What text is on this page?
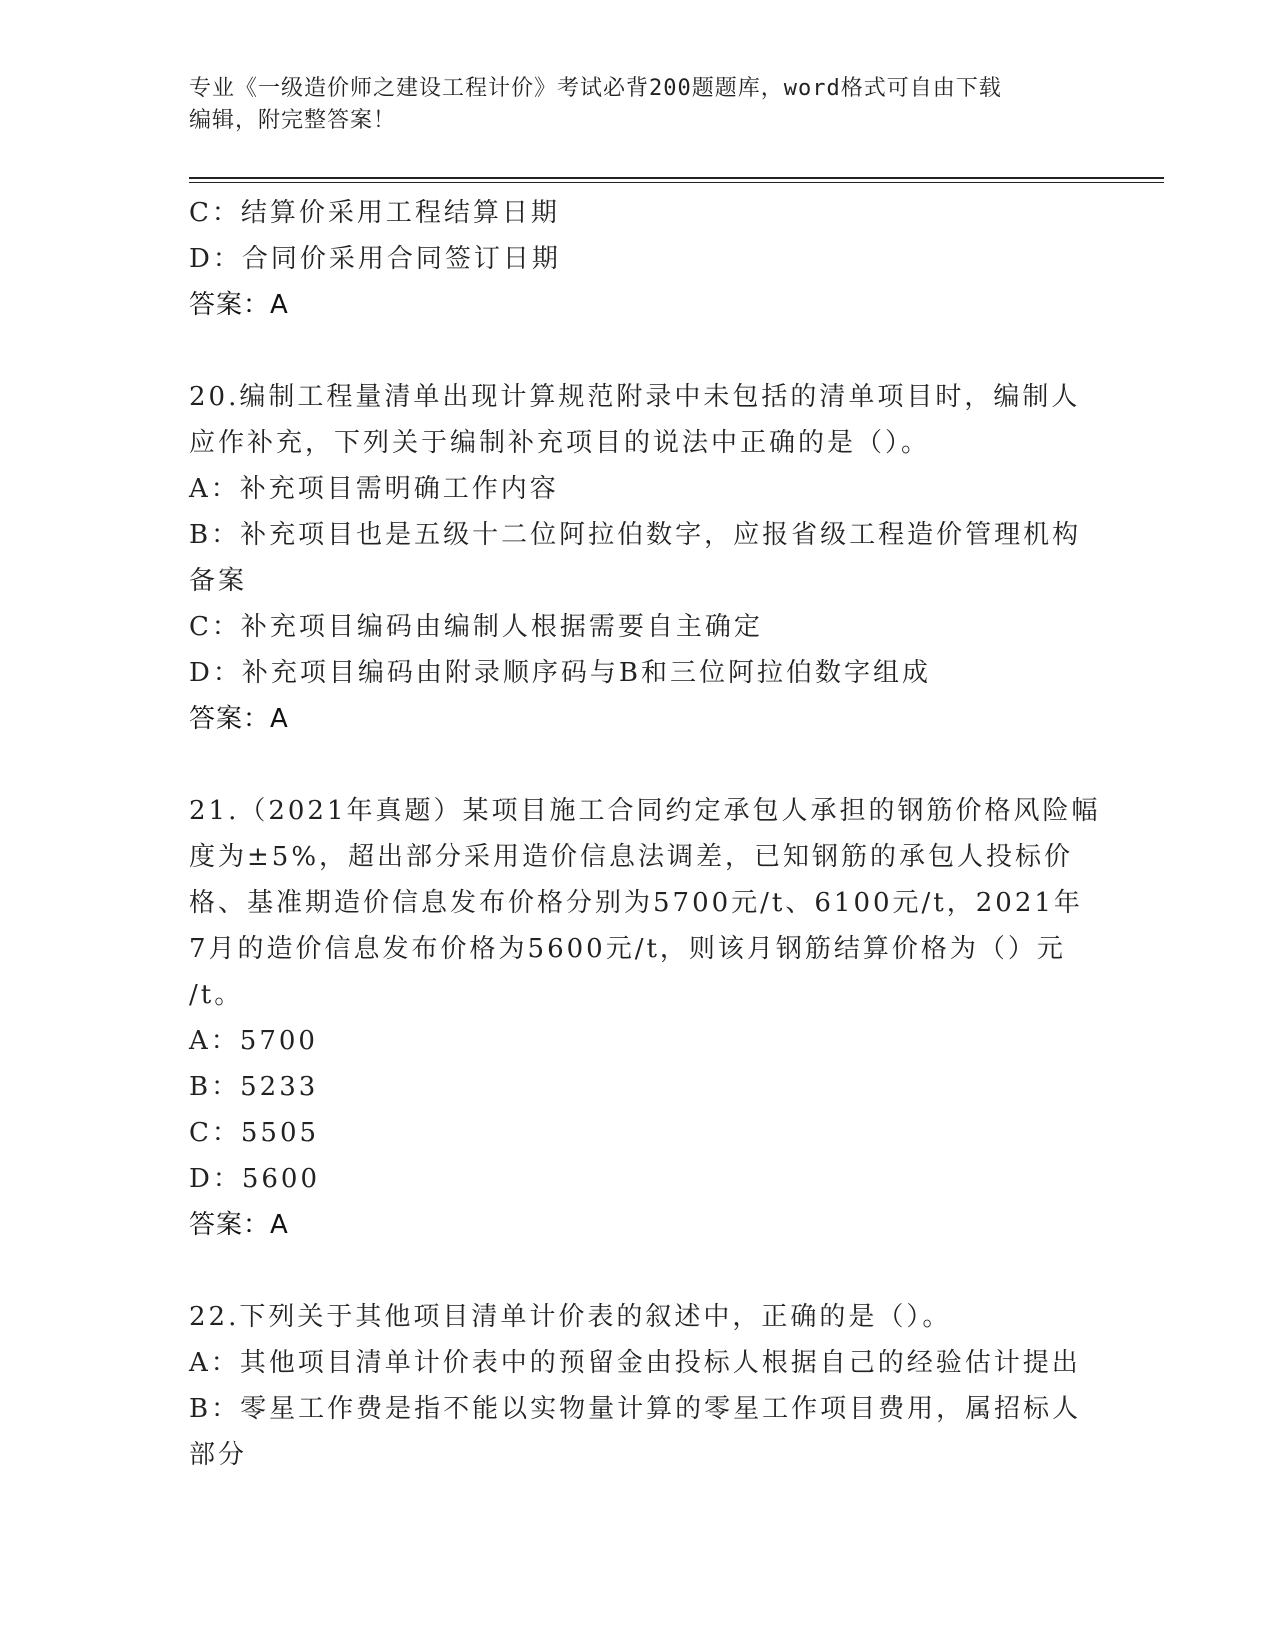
专业《一级造价师之建设工程计价》考试必背200题题库，word格式可自由下载
编辑，附完整答案！
C：结算价采用工程结算日期
D：合同价采用合同签订日期
答案：A
20.编制工程量清单出现计算规范附录中未包括的清单项目时，编制人
应作补充，下列关于编制补充项目的说法中正确的是（）。
A：补充项目需明确工作内容
B：补充项目也是五级十二位阿拉伯数字，应报省级工程造价管理机构
备案
C：补充项目编码由编制人根据需要自主确定
D：补充项目编码由附录顺序码与B和三位阿拉伯数字组成
答案：A
21.（2021年真题）某项目施工合同约定承包人承担的钢筋价格风险幅
度为±5%，超出部分采用造价信息法调差，已知钢筋的承包人投标价
格、基准期造价信息发布价格分别为5700元/t、6100元/t，2021年
7月的造价信息发布价格为5600元/t，则该月钢筋结算价格为（）元
/t。
A：5700
B：5233
C：5505
D：5600
答案：A
22.下列关于其他项目清单计价表的叙述中，正确的是（）。
A：其他项目清单计价表中的预留金由投标人根据自己的经验估计提出
B：零星工作费是指不能以实物量计算的零星工作项目费用，属招标人
部分
